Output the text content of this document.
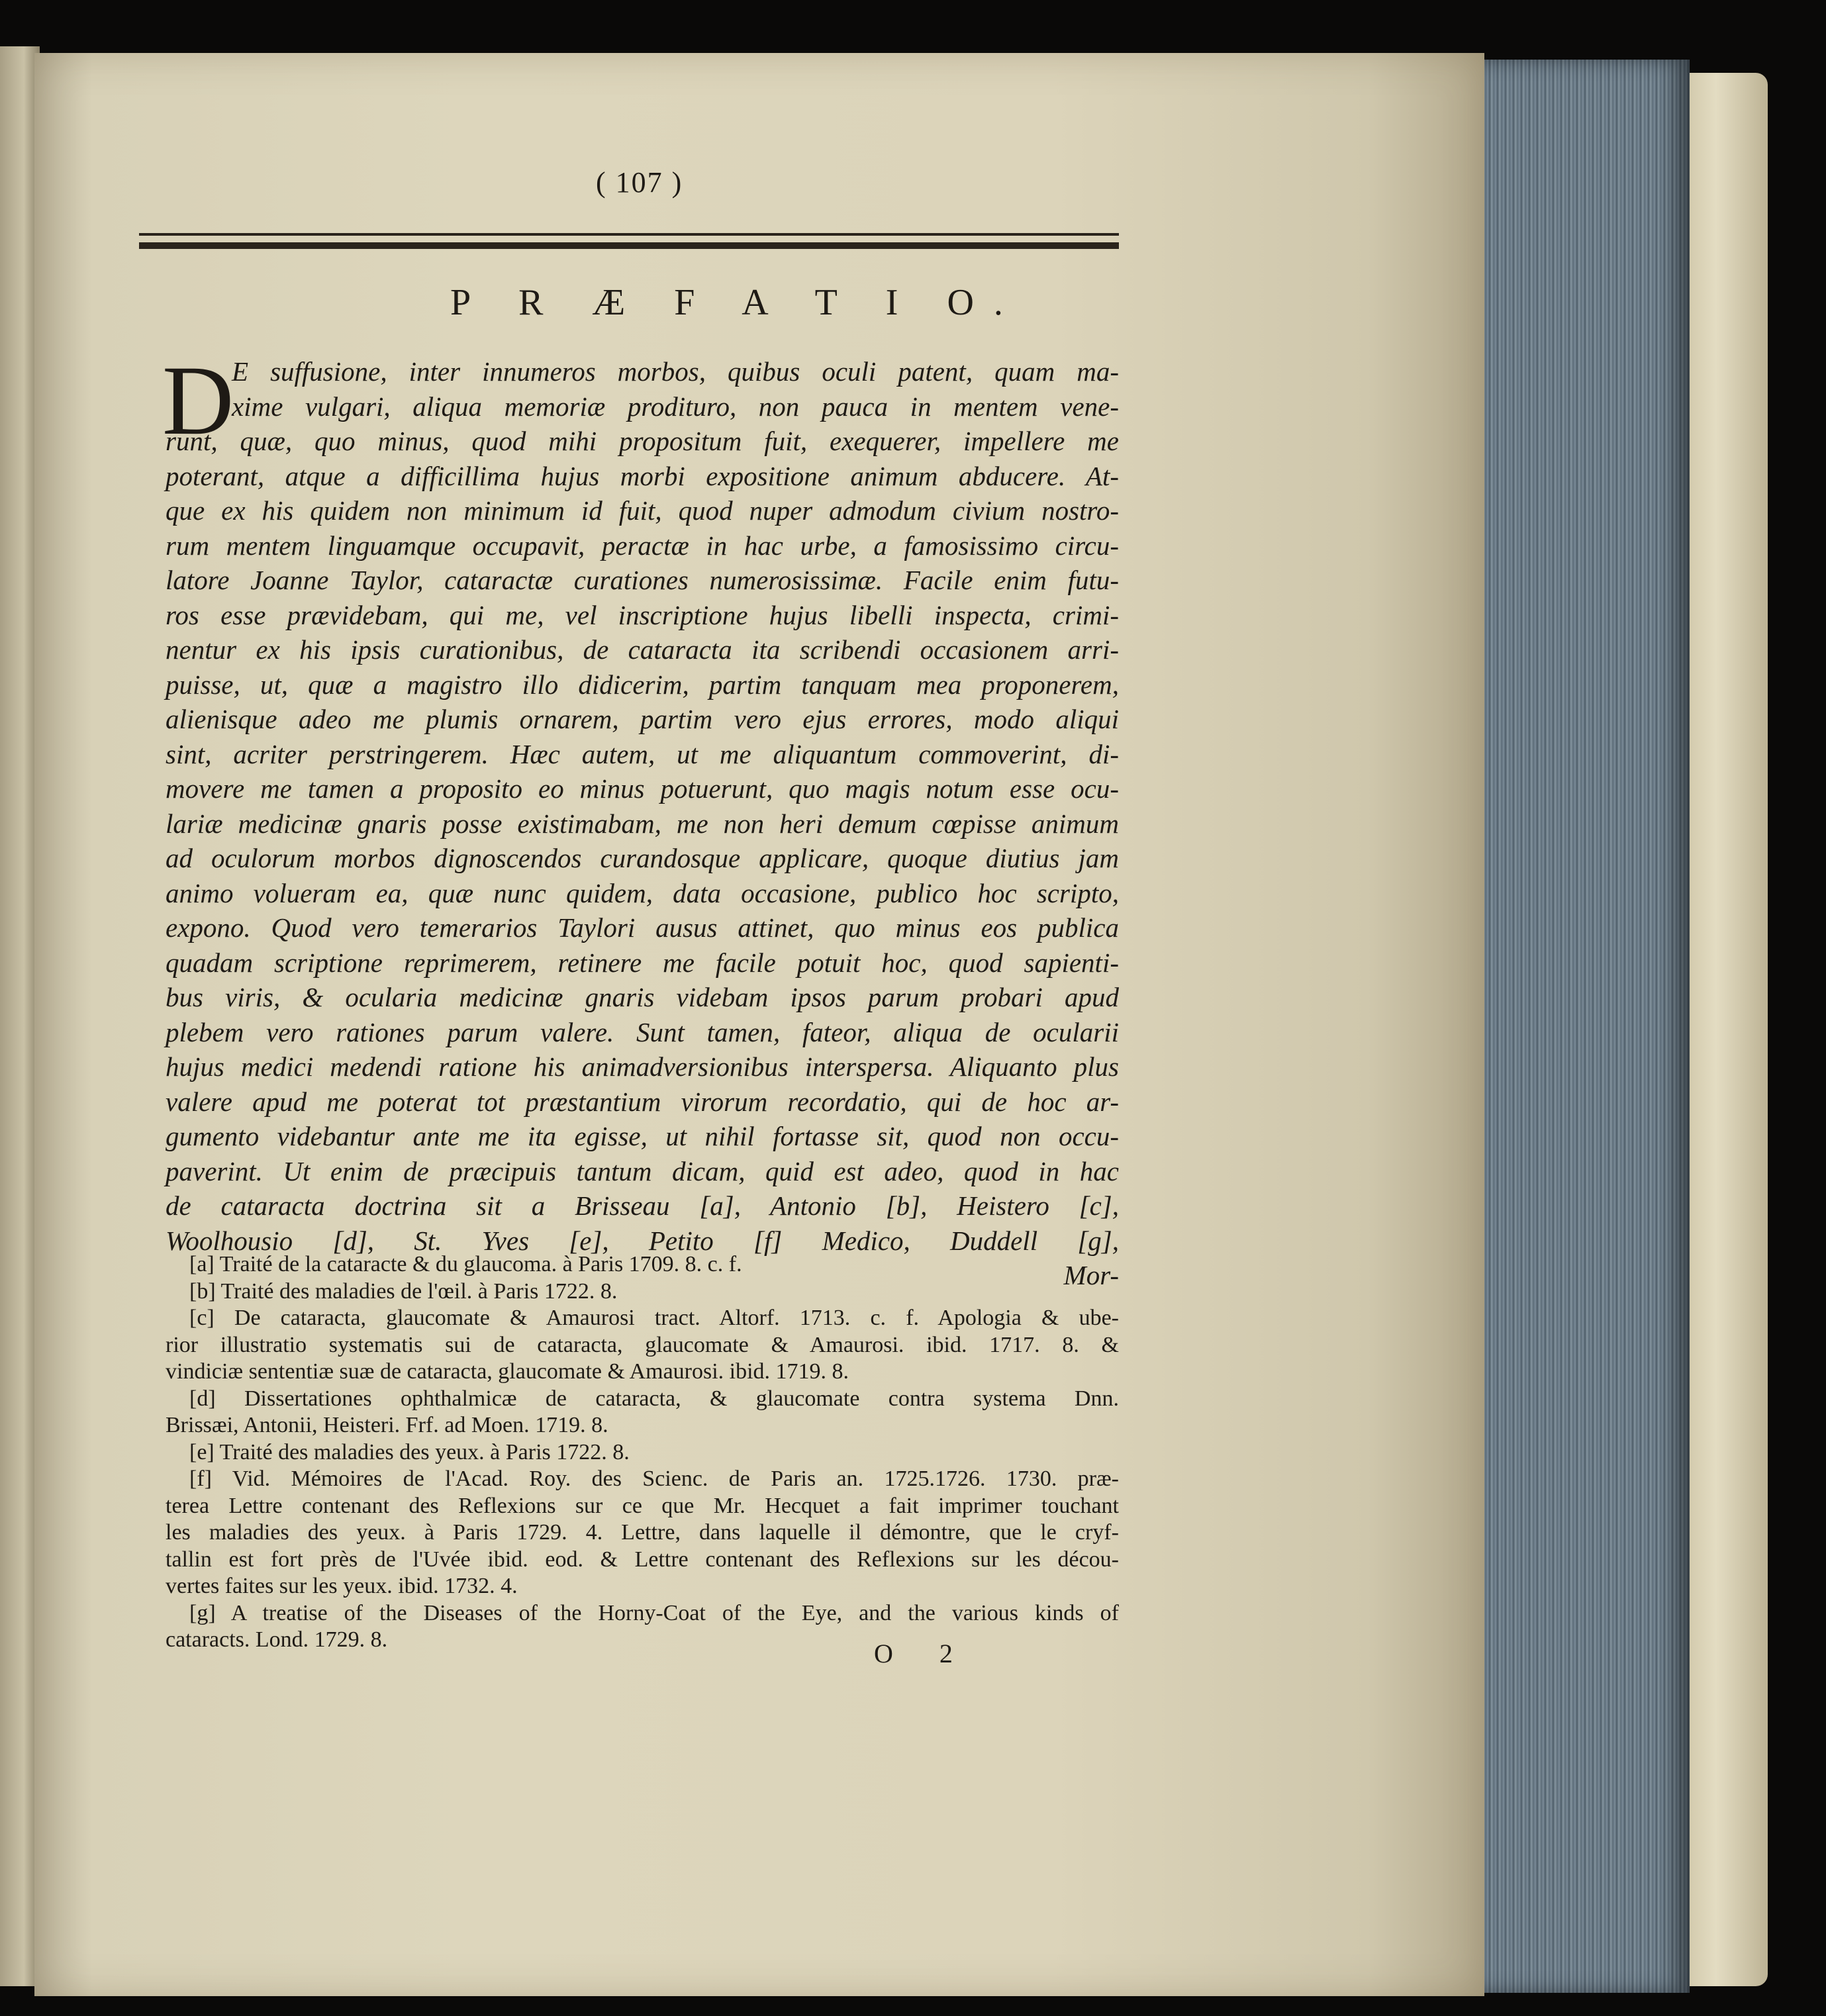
( 107 )
P R Æ F A T I O.
D
E suffusione, inter innumeros morbos, quibus oculi patent, quam ma-
xime vulgari, aliqua memoriæ prodituro, non pauca in mentem vene-
runt, quæ, quo minus, quod mihi propositum fuit, exequerer, impellere me
poterant, atque a difficillima hujus morbi expositione animum abducere. At-
que ex his quidem non minimum id fuit, quod nuper admodum civium nostro-
rum mentem linguamque occupavit, peractæ in hac urbe, a famosissimo circu-
latore Joanne Taylor, cataractæ curationes numerosissimæ. Facile enim futu-
ros esse prævidebam, qui me, vel inscriptione hujus libelli inspecta, crimi-
nentur ex his ipsis curationibus, de cataracta ita scribendi occasionem arri-
puisse, ut, quæ a magistro illo didicerim, partim tanquam mea proponerem,
alienisque adeo me plumis ornarem, partim vero ejus errores, modo aliqui
sint, acriter perstringerem. Hæc autem, ut me aliquantum commoverint, di-
movere me tamen a proposito eo minus potuerunt, quo magis notum esse ocu-
lariæ medicinæ gnaris posse existimabam, me non heri demum cœpisse animum
ad oculorum morbos dignoscendos curandosque applicare, quoque diutius jam
animo volueram ea, quæ nunc quidem, data occasione, publico hoc scripto,
expono. Quod vero temerarios Taylori ausus attinet, quo minus eos publica
quadam scriptione reprimerem, retinere me facile potuit hoc, quod sapienti-
bus viris, & ocularia medicinæ gnaris videbam ipsos parum probari apud
plebem vero rationes parum valere. Sunt tamen, fateor, aliqua de ocularii
hujus medici medendi ratione his animadversionibus interspersa. Aliquanto plus
valere apud me poterat tot præstantium virorum recordatio, qui de hoc ar-
gumento videbantur ante me ita egisse, ut nihil fortasse sit, quod non occu-
paverint. Ut enim de præcipuis tantum dicam, quid est adeo, quod in hac
de cataracta doctrina sit a Brisseau [a], Antonio [b], Heistero [c],
Woolhousio [d], St. Yves [e], Petito [f] Medico, Duddell [g],
Mor-
[a] Traité de la cataracte & du glaucoma. à Paris 1709. 8. c. f.
[b] Traité des maladies de l'œil. à Paris 1722. 8.
[c] De cataracta, glaucomate & Amaurosi tract. Altorf. 1713. c. f. Apologia & ube-
rior illustratio systematis sui de cataracta, glaucomate & Amaurosi. ibid. 1717. 8. &
vindiciæ sententiæ suæ de cataracta, glaucomate & Amaurosi. ibid. 1719. 8.
[d] Dissertationes ophthalmicæ de cataracta, & glaucomate contra systema Dnn.
Brissæi, Antonii, Heisteri. Frf. ad Moen. 1719. 8.
[e] Traité des maladies des yeux. à Paris 1722. 8.
[f] Vid. Mémoires de l'Acad. Roy. des Scienc. de Paris an. 1725.1726. 1730. præ-
terea Lettre contenant des Reflexions sur ce que Mr. Hecquet a fait imprimer touchant
les maladies des yeux. à Paris 1729. 4. Lettre, dans laquelle il démontre, que le cryf-
tallin est fort près de l'Uvée ibid. eod. & Lettre contenant des Reflexions sur les décou-
vertes faites sur les yeux. ibid. 1732. 4.
[g] A treatise of the Diseases of the Horny-Coat of the Eye, and the various kinds of
cataracts. Lond. 1729. 8.	O 2
